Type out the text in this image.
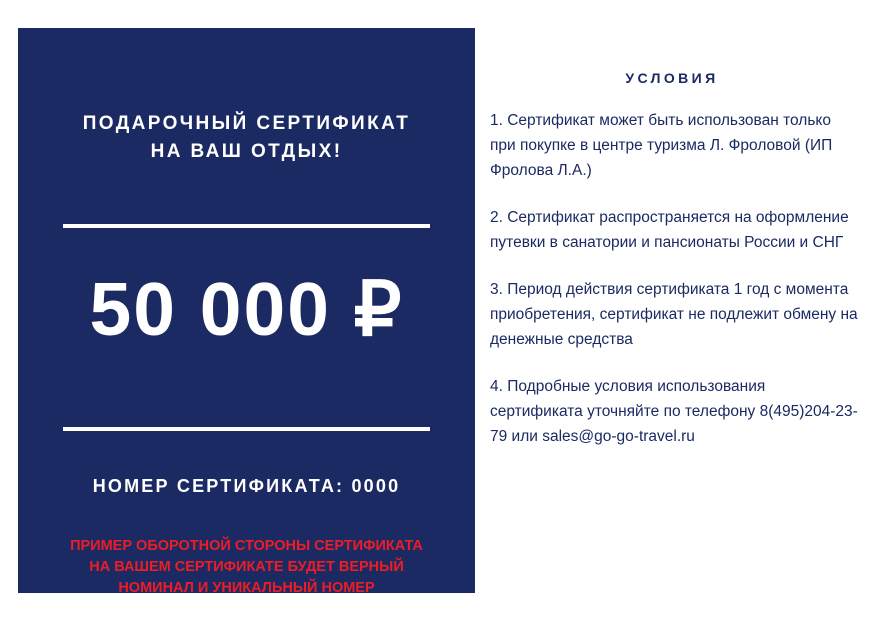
ПОДАРОЧНЫЙ СЕРТИФИКАТ
НА ВАШ ОТДЫХ!
50 000 ₽
НОМЕР СЕРТИФИКАТА: 0000
ПРИМЕР ОБОРОТНОЙ СТОРОНЫ СЕРТИФИКАТА
НА ВАШЕМ СЕРТИФИКАТЕ БУДЕТ ВЕРНЫЙ
НОМИНАЛ И УНИКАЛЬНЫЙ НОМЕР
УСЛОВИЯ

1. Сертификат может быть использован только при покупке в центре туризма Л. Фроловой (ИП Фролова Л.А.)

2. Сертификат распространяется на оформление путевки в санатории и пансионаты России и СНГ

3. Период действия сертификата 1 год с момента приобретения, сертификат не подлежит обмену на денежные средства

4. Подробные условия использования сертификата уточняйте по телефону 8(495)204-23-79 или sales@go-go-travel.ru
